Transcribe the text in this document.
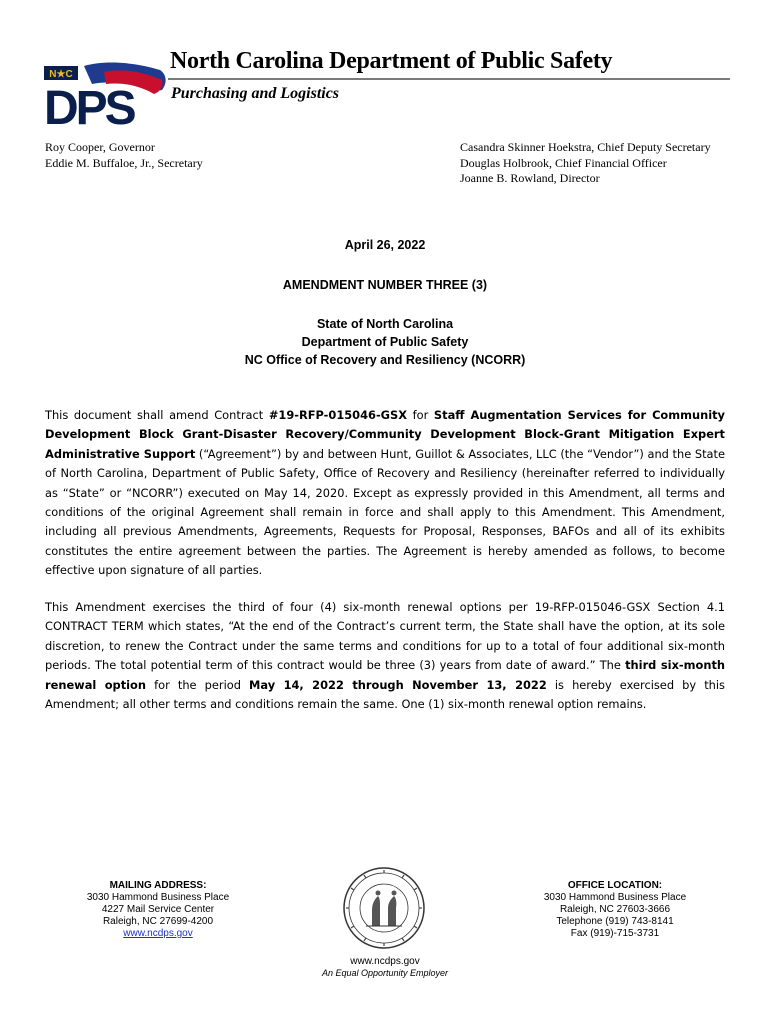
N★C
DPS
North Carolina Department of Public Safety
Purchasing and Logistics
Roy Cooper, Governor
Eddie M. Buffaloe, Jr., Secretary
Casandra Skinner Hoekstra, Chief Deputy Secretary
Douglas Holbrook, Chief Financial Officer
Joanne B. Rowland, Director
April 26, 2022
AMENDMENT NUMBER THREE (3)
State of North Carolina
Department of Public Safety
NC Office of Recovery and Resiliency (NCORR)
This document shall amend Contract #19-RFP-015046-GSX for Staff Augmentation Services for Community Development Block Grant-Disaster Recovery/Community Development Block-Grant Mitigation Expert Administrative Support (“Agreement”) by and between Hunt, Guillot & Associates, LLC (the “Vendor”) and the State of North Carolina, Department of Public Safety, Office of Recovery and Resiliency (hereinafter referred to individually as “State” or “NCORR”) executed on May 14, 2020. Except as expressly provided in this Amendment, all terms and conditions of the original Agreement shall remain in force and shall apply to this Amendment. This Amendment, including all previous Amendments, Agreements, Requests for Proposal, Responses, BAFOs and all of its exhibits constitutes the entire agreement between the parties. The Agreement is hereby amended as follows, to become effective upon signature of all parties.
This Amendment exercises the third of four (4) six-month renewal options per 19-RFP-015046-GSX Section 4.1 CONTRACT TERM which states, “At the end of the Contract’s current term, the State shall have the option, at its sole discretion, to renew the Contract under the same terms and conditions for up to a total of four additional six-month periods. The total potential term of this contract would be three (3) years from date of award.” The third six-month renewal option for the period May 14, 2022 through November 13, 2022 is hereby exercised by this Amendment; all other terms and conditions remain the same. One (1) six-month renewal option remains.
MAILING ADDRESS:
3030 Hammond Business Place
4227 Mail Service Center
Raleigh, NC 27699-4200
www.ncdps.gov
OFFICE LOCATION:
3030 Hammond Business Place
Raleigh, NC 27603-3666
Telephone (919) 743-8141
Fax (919)-715-3731
www.ncdps.gov
An Equal Opportunity Employer
